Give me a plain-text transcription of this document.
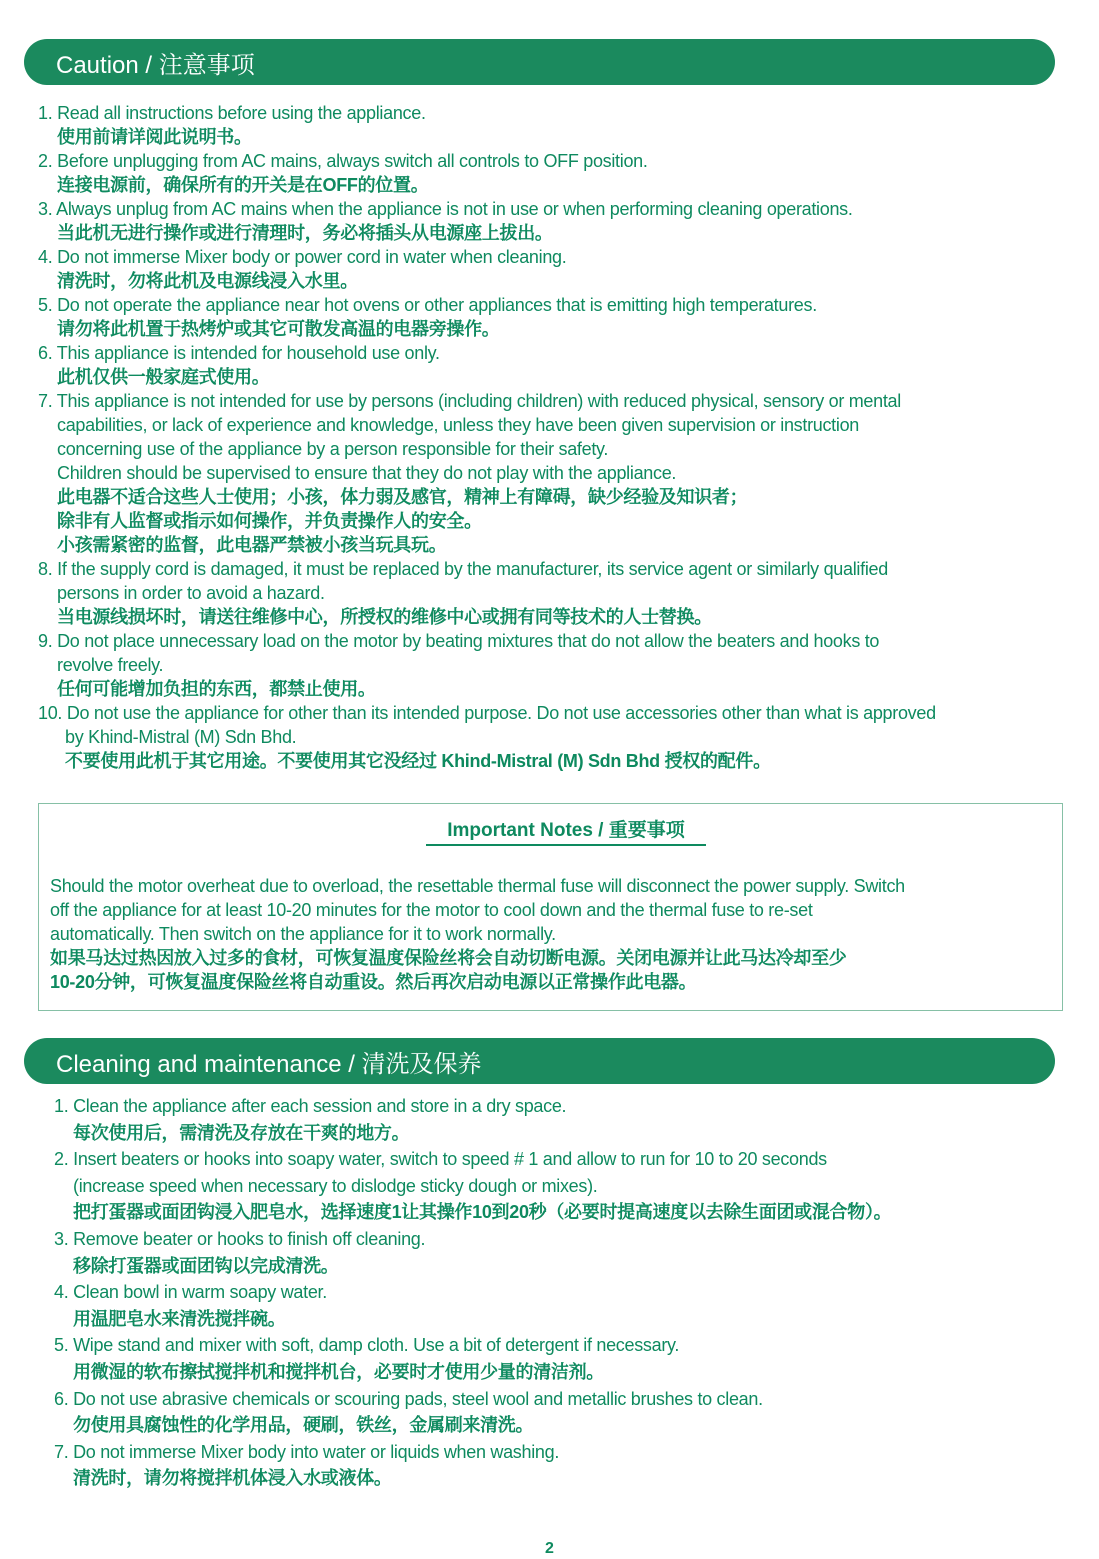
Caution / 注意事项
1. Read all instructions before using the appliance.
使用前请详阅此说明书。
2. Before unplugging from AC mains, always switch all controls to OFF position.
连接电源前，确保所有的开关是在OFF的位置。
3. Always unplug from AC mains when the appliance is not in use or when performing cleaning operations.
当此机无进行操作或进行清理时，务必将插头从电源座上拔出。
4. Do not immerse Mixer body or power cord in water when cleaning.
清洗时，勿将此机及电源线浸入水里。
5. Do not operate the appliance near hot ovens or other appliances that is emitting high temperatures.
请勿将此机置于热烤炉或其它可散发高温的电器旁操作。
6. This appliance is intended for household use only.
此机仅供一般家庭式使用。
7. This appliance is not intended for use by persons (including children) with reduced physical, sensory or mental
capabilities, or lack of experience and knowledge, unless they have been given supervision or instruction
concerning use of the appliance by a person responsible for their safety.
Children should be supervised to ensure that they do not play with the appliance.
此电器不适合这些人士使用；小孩，体力弱及感官，精神上有障碍，缺少经验及知识者；
除非有人监督或指示如何操作，并负责操作人的安全。
小孩需紧密的监督，此电器严禁被小孩当玩具玩。
8. If the supply cord is damaged, it must be replaced by the manufacturer, its service agent or similarly qualified
persons in order to avoid a hazard.
当电源线损坏时，请送往维修中心，所授权的维修中心或拥有同等技术的人士替换。
9. Do not place unnecessary load on the motor by beating mixtures that do not allow the beaters and hooks to
revolve freely.
任何可能增加负担的东西，都禁止使用。
10. Do not use the appliance for other than its intended purpose. Do not use accessories other than what is approved
by Khind-Mistral (M) Sdn Bhd.
不要使用此机于其它用途。不要使用其它没经过 Khind-Mistral (M) Sdn Bhd 授权的配件。
Important Notes / 重要事项
Should the motor overheat due to overload, the resettable thermal fuse will disconnect the power supply. Switch
off the appliance for at least 10-20 minutes for the motor to cool down and the thermal fuse to re-set
automatically. Then switch on the appliance for it to work normally.
如果马达过热因放入过多的食材，可恢复温度保险丝将会自动切断电源。关闭电源并让此马达冷却至少
10-20分钟，可恢复温度保险丝将自动重设。然后再次启动电源以正常操作此电器。
Cleaning and maintenance / 清洗及保养
1. Clean the appliance after each session and store in a dry space.
每次使用后，需清洗及存放在干爽的地方。
2. Insert beaters or hooks into soapy water, switch to speed # 1 and allow to run for 10 to 20 seconds
(increase speed when necessary to dislodge sticky dough or mixes).
把打蛋器或面团钩浸入肥皂水，选择速度1让其操作10到20秒（必要时提高速度以去除生面团或混合物）。
3. Remove beater or hooks to finish off cleaning.
移除打蛋器或面团钩以完成清洗。
4. Clean bowl in warm soapy water.
用温肥皂水来清洗搅拌碗。
5. Wipe stand and mixer with soft, damp cloth. Use a bit of detergent if necessary.
用微湿的软布擦拭搅拌机和搅拌机台，必要时才使用少量的清洁剂。
6. Do not use abrasive chemicals or scouring pads, steel wool and metallic brushes to clean.
勿使用具腐蚀性的化学用品，硬刷，铁丝，金属刷来清洗。
7. Do not immerse Mixer body into water or liquids when washing.
清洗时，请勿将搅拌机体浸入水或液体。
2
